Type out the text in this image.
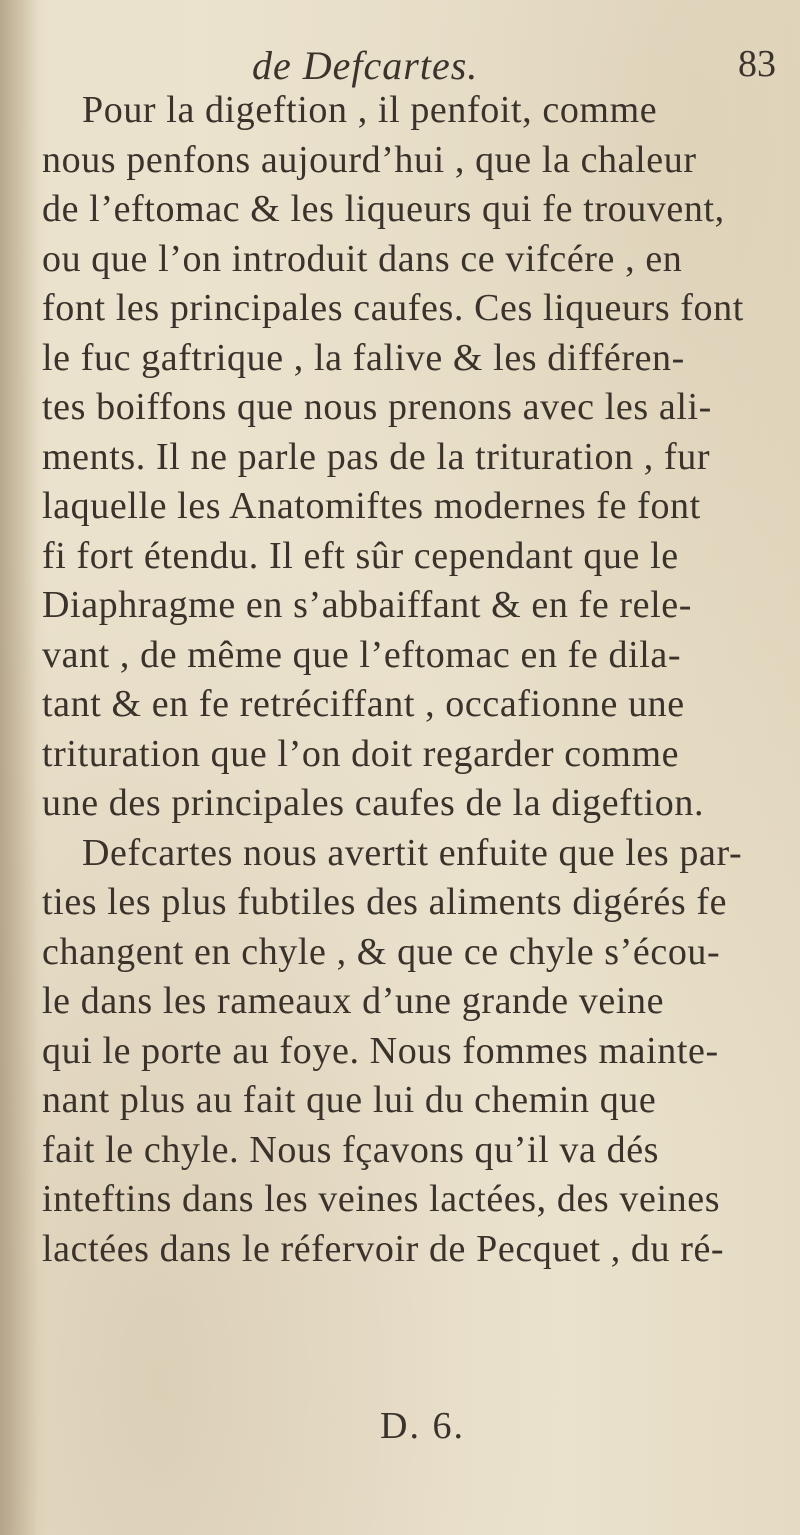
de Defcartes.	83
Pour la digeftion , il penfoit, comme
nous penfons aujourd’hui , que la chaleur
de l’eftomac & les liqueurs qui fe trouvent,
ou que l’on introduit dans ce vifcére , en
font les principales caufes. Ces liqueurs font
le fuc gaftrique , la falive & les différen-
tes boiffons que nous prenons avec les ali-
ments. Il ne parle pas de la trituration , fur
laquelle les Anatomiftes modernes fe font
fi fort étendu. Il eft sûr cependant que le
Diaphragme en s’abbaiffant & en fe rele-
vant , de même que l’eftomac en fe dila-
tant & en fe retréciffant , occafionne une
trituration que l’on doit regarder comme
une des principales caufes de la digeftion.
Defcartes nous avertit enfuite que les par-
ties les plus fubtiles des aliments digérés fe
changent en chyle , & que ce chyle s’écou-
le dans les rameaux d’une grande veine
qui le porte au foye. Nous fommes mainte-
nant plus au fait que lui du chemin que
fait le chyle. Nous fçavons qu’il va dés
inteftins dans les veines lactées, des veines
lactées dans le réfervoir de Pecquet , du ré-
D. 6.
